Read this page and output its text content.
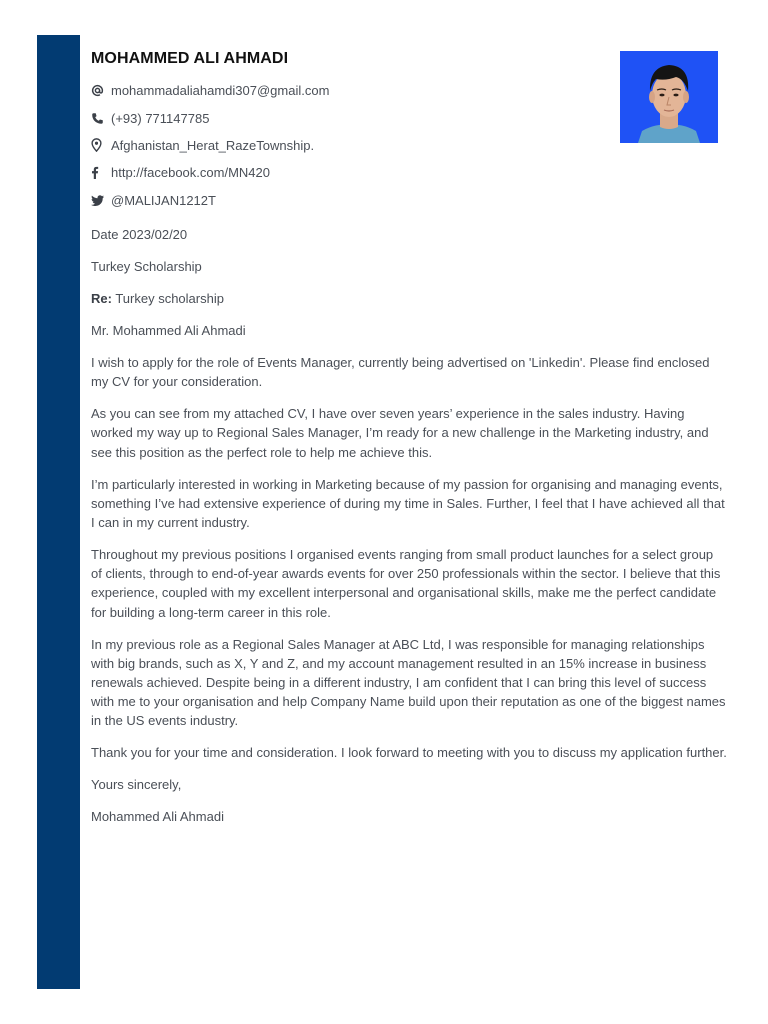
MOHAMMED ALI AHMADI
mohammadaliahamdi307@gmail.com
(+93) 771147785
Afghanistan_Herat_RazeTownship.
http://facebook.com/MN420
@MALIJAN1212T

Date 2023/02/20

Turkey Scholarship

Re: Turkey scholarship

Mr. Mohammed Ali Ahmadi

I wish to apply for the role of Events Manager, currently being advertised on 'Linkedin'. Please find enclosed my CV for your consideration.

As you can see from my attached CV, I have over seven years’ experience in the sales industry. Having worked my way up to Regional Sales Manager, I’m ready for a new challenge in the Marketing industry, and see this position as the perfect role to help me achieve this.

I’m particularly interested in working in Marketing because of my passion for organising and managing events, something I’ve had extensive experience of during my time in Sales. Further, I feel that I have achieved all that I can in my current industry.

Throughout my previous positions I organised events ranging from small product launches for a select group of clients, through to end-of-year awards events for over 250 professionals within the sector. I believe that this experience, coupled with my excellent interpersonal and organisational skills, make me the perfect candidate for building a long-term career in this role.

In my previous role as a Regional Sales Manager at ABC Ltd, I was responsible for managing relationships with big brands, such as X, Y and Z, and my account management resulted in an 15% increase in business renewals achieved. Despite being in a different industry, I am confident that I can bring this level of success with me to your organisation and help Company Name build upon their reputation as one of the biggest names in the US events industry.

Thank you for your time and consideration. I look forward to meeting with you to discuss my application further.

Yours sincerely,

Mohammed Ali Ahmadi
